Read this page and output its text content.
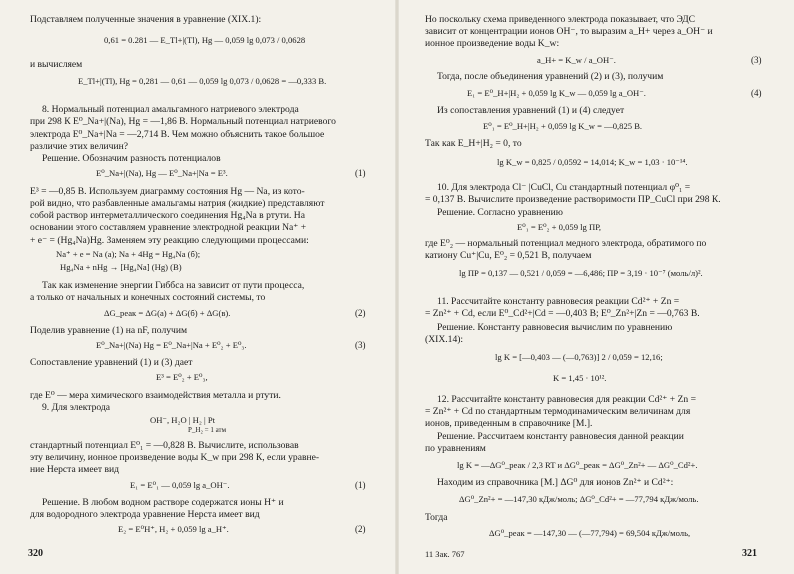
Подставляем полученные значения в уравнение (XIX.1):
0,61 = 0.281 — E_Tl+|(Tl), Hg — 0,059 lg 0,073 / 0,0628
и вычисляем
E_Tl+|(Tl), Hg = 0,281 — 0,61 — 0,059 lg 0,073 / 0,0628 = —0,333 В.
8. Нормальный потенциал амальгамного натриевого электрода
при 298 К E⁰_Na+|(Na), Hg = —1,86 В. Нормальный потенциал натриевого
электрода E⁰_Na+|Na = —2,714 В. Чем можно объяснить такое большое
различие этих величин?
Решение. Обозначим разность потенциалов
E⁰_Na+|(Na), Hg — E⁰_Na+|Na = E³.	(1)
E³ = —0,85 В. Используем диаграмму состояния Hg — Na, из кото-
рой видно, что разбавленные амальгамы натрия (жидкие) представляют
собой раствор интерметаллического соединения Hg₄Na в ртути. На
основании этого составляем уравнение электродной реакции Na⁺ +
+ e⁻ = (Hg₄Na)Hg. Заменяем эту реакцию следующими процессами:
Na⁺ + e = Na (a); Na + 4Hg = Hg₄Na (б);
Hg₄Na + nHg → [Hg₄Na] (Hg) (B)
Так как изменение энергии Гиббса на зависит от пути процесса,
а только от начальных и конечных состояний системы, то
ΔG_реак = ΔG(a) + ΔG(б) + ΔG(в).	(2)
Поделив уравнение (1) на nF, получим
E⁰_Na+|(Na) Hg = E⁰_Na+|Na + E⁰₂ + E⁰₃.	(3)
Сопоставление уравнений (1) и (3) дает
E³ = E⁰₂ + E⁰₃,
где E⁰ — мера химического взаимодействия металла и ртути.
9. Для электрода
OH⁻, H₂O | H₂ | Pt
P_H₂ = 1 атм
стандартный потенциал E⁰₁ = —0,828 В. Вычислите, использовав
эту величину, ионное произведение воды K_w при 298 К, если уравне-
ние Нерста имеет вид
E₁ = E⁰₁ — 0,059 lg a_OH⁻.	(1)
Решение. В любом водном растворе содержатся ионы H⁺ и
для водородного электрода уравнение Нерста имеет вид
E₂ = E⁰H⁺, H₂ + 0,059 lg a_H⁺.	(2)
320
Но поскольку схема приведенного электрода показывает, что ЭДС
зависит от концентрации ионов OH⁻, то выразим a_H+ через a_OH⁻ и
ионное произведение воды K_w:
a_H+ = K_w / a_OH⁻.	(3)
Тогда, после объединения уравнений (2) и (3), получим
E₁ = E⁰_H+|H₂ + 0,059 lg K_w — 0,059 lg a_OH⁻.	(4)
Из сопоставления уравнений (1) и (4) следует
E⁰₁ = E⁰_H+|H₂ + 0,059 lg K_w = —0,825 В.
Так как E_H+|H₂ = 0, то
lg K_w = 0,825 / 0,0592 = 14,014; K_w = 1,03 · 10⁻¹⁴.
10. Для электрода Cl⁻ |CuCl, Cu стандартный потенциал φ⁰₁ =
= 0,137 В. Вычислите произведение растворимости ПР_CuCl при 298 К.
Решение. Согласно уравнению
E⁰₁ = E⁰₂ + 0,059 lg ПР,
где E⁰₂ — нормальный потенциал медного электрода, обратимого по
катиону Cu⁺|Cu, E⁰₂ = 0,521 В, получаем
lg ПР = 0,137 — 0,521 / 0,059 = —6,486; ПР = 3,19 · 10⁻⁷ (моль/л)².
11. Рассчитайте константу равновесия реакции Cd²⁺ + Zn =
= Zn²⁺ + Cd, если E⁰_Cd²+|Cd = —0,403 В; E⁰_Zn²+|Zn = —0,763 В.
Решение. Константу равновесия вычислим по уравнению
(XIX.14):
lg K = [—0,403 — (—0,763)] 2 / 0,059 = 12,16;
K = 1,45 · 10¹².
12. Рассчитайте константу равновесия для реакции Cd²⁺ + Zn =
= Zn²⁺ + Cd по стандартным термодинамическим величинам для
ионов, приведенным в справочнике [М.].
Решение. Рассчитаем константу равновесия данной реакции
по уравнениям
lg K = —ΔG⁰_реак / 2,3 RT и ΔG⁰_реак = ΔG⁰_Zn²+ — ΔG⁰_Cd²+.
Находим из справочника [М.] ΔG⁰ для ионов Zn²⁺ и Cd²⁺:
ΔG⁰_Zn²+ = —147,30 кДж/моль; ΔG⁰_Cd²+ = —77,794 кДж/моль.
Тогда
ΔG⁰_реак = —147,30 — (—77,794) = 69,504 кДж/моль,
11 Зак. 767	321
